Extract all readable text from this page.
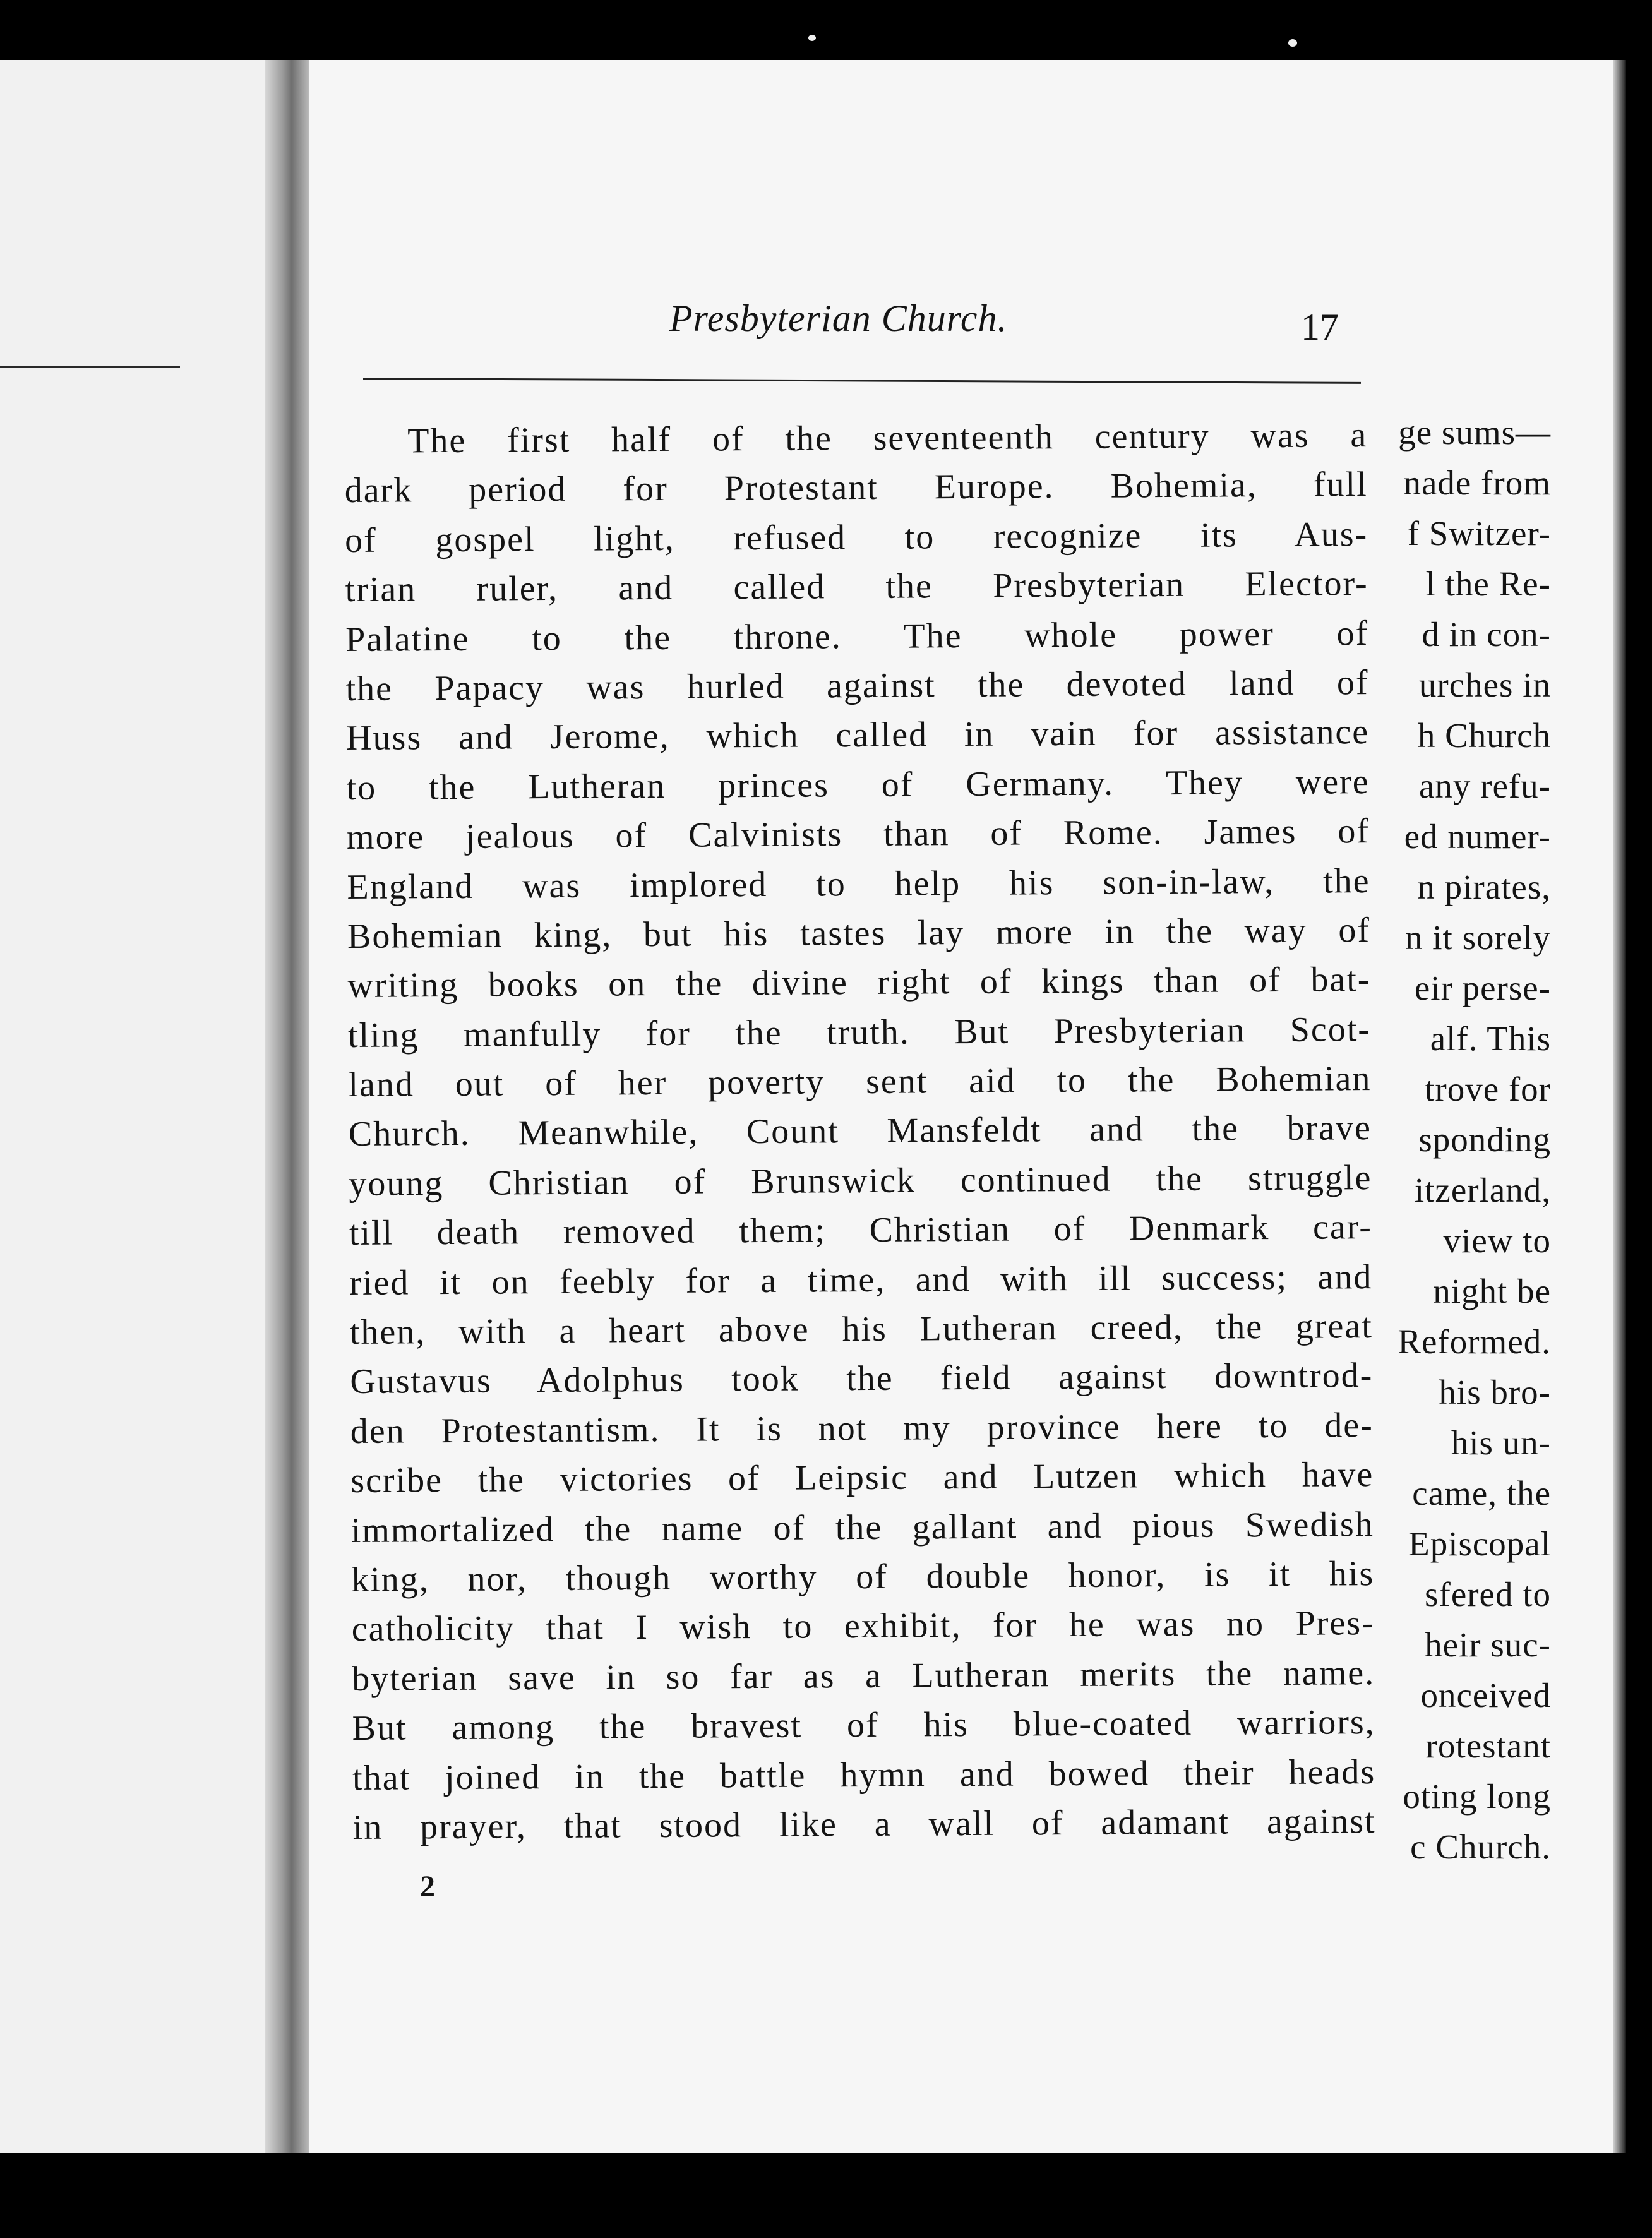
ge sums—
nade from
f Switzer-
l the Re-
d in con-
urches in
h Church
any refu-
ed numer-
n pirates,
n it sorely
eir perse-
alf. This
trove for
sponding
itzerland,
view to
night be
Reformed.
his bro-
his un-
came, the
Episcopal
sfered to
heir suc-
onceived
rotestant
oting long
c Church.
Presbyterian Church.	17
The first half of the seventeenth century was a
dark period for Protestant Europe. Bohemia, full
of gospel light, refused to recognize its Aus-
trian ruler, and called the Presbyterian Elector-
Palatine to the throne. The whole power of
the Papacy was hurled against the devoted land of
Huss and Jerome, which called in vain for assistance
to the Lutheran princes of Germany. They were
more jealous of Calvinists than of Rome. James of
England was implored to help his son-in-law, the
Bohemian king, but his tastes lay more in the way of
writing books on the divine right of kings than of bat-
tling manfully for the truth. But Presbyterian Scot-
land out of her poverty sent aid to the Bohemian
Church. Meanwhile, Count Mansfeldt and the brave
young Christian of Brunswick continued the struggle
till death removed them; Christian of Denmark car-
ried it on feebly for a time, and with ill success; and
then, with a heart above his Lutheran creed, the great
Gustavus Adolphus took the field against downtrod-
den Protestantism. It is not my province here to de-
scribe the victories of Leipsic and Lutzen which have
immortalized the name of the gallant and pious Swedish
king, nor, though worthy of double honor, is it his
catholicity that I wish to exhibit, for he was no Pres-
byterian save in so far as a Lutheran merits the name.
But among the bravest of his blue-coated warriors,
that joined in the battle hymn and bowed their heads
in prayer, that stood like a wall of adamant against
2
